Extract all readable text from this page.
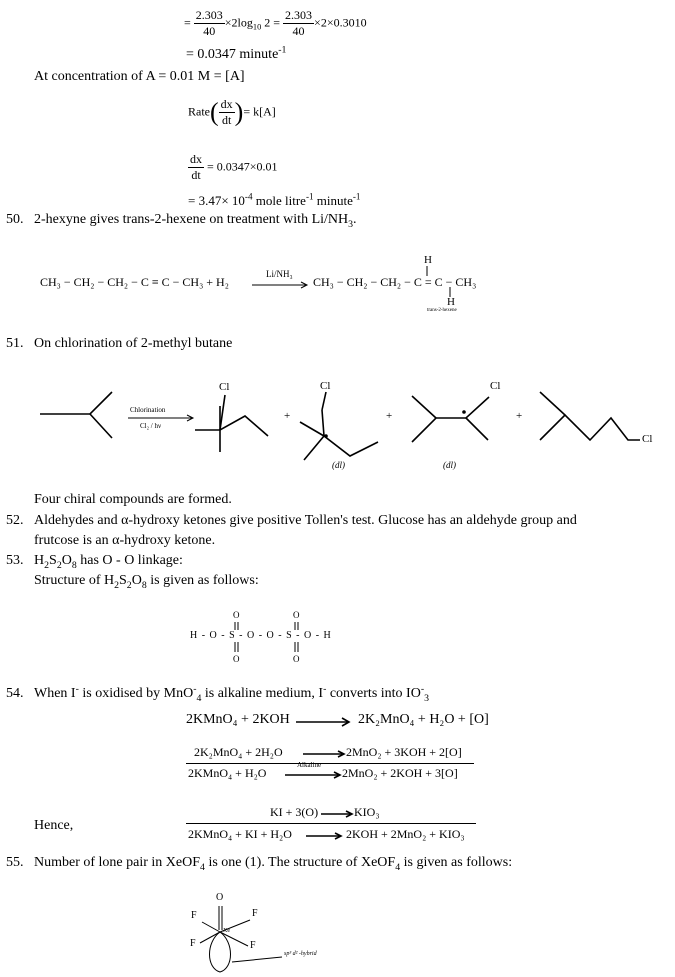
= $\frac{2.303}{40} \times 2\log_{10}$ $2 = \frac{2.303}{40} \times 2\times 0.3010$
= 0.0347 minute$^{-1}$
At concentration of A = 0.01 M = [A]
Rate( $\frac{dx}{dt}$ )= k[A]
$\frac{dx}{dt} = 0.0347\times 0.01$
= $3.47\times 10^{-4}$ mole litre$^{-1}$ minute$^{-1}$
50. 2-hexyne gives trans-2-hexene on treatment with $Li/NH_3$.
CH₃ − CH₂ − CH₂ − C ≡ C − CH₃ + H₂
Li/NH₃
CH₃ − CH₂ − CH₂ − C = C − CH₃
H
H
trans-2-hexene
51. On chlorination of 2-methyl butane
Chlorination
Cl₂ / hν
Cl
+
Cl
(dl)
+
Cl
(dl)
+
Cl
Four chiral compounds are formed.
52. Aldehydes and α-hydroxy ketones give positive Tollen's test. Glucose has an aldehyde group and
frutcose is an α-hydroxy ketone.
53. $H_2S_2O_8$ has O - O linkage:
Structure of $H_2S_2O_8$ is given as follows:
H - O - S - O - O - S - O - H
O
O
O
O
54. When I- is oxidised by MnO-$_4$ is alkaline medium, I- converts into $IO^-_3$
2KMnO₄ + 2KOH	2K₂MnO₄ + H₂O + [O]
2K₂MnO₄ + 2H₂O	2MnO₂ + 3KOH + 2[O]
2KMnO₄ + H₂O
Alkaline
2MnO₂ + 2KOH + 3[O]
KI + 3(O)	KIO₃
Hence,
2KMnO₄ + KI + H₂O	2KOH + 2MnO₂ + KIO₃
55. Number of lone pair in XeOF$_4$ is one (1). The structure of XeOF$_4$ is given as follows:
O
F	F
F	F
Xe
sp³ d² -hybrid
